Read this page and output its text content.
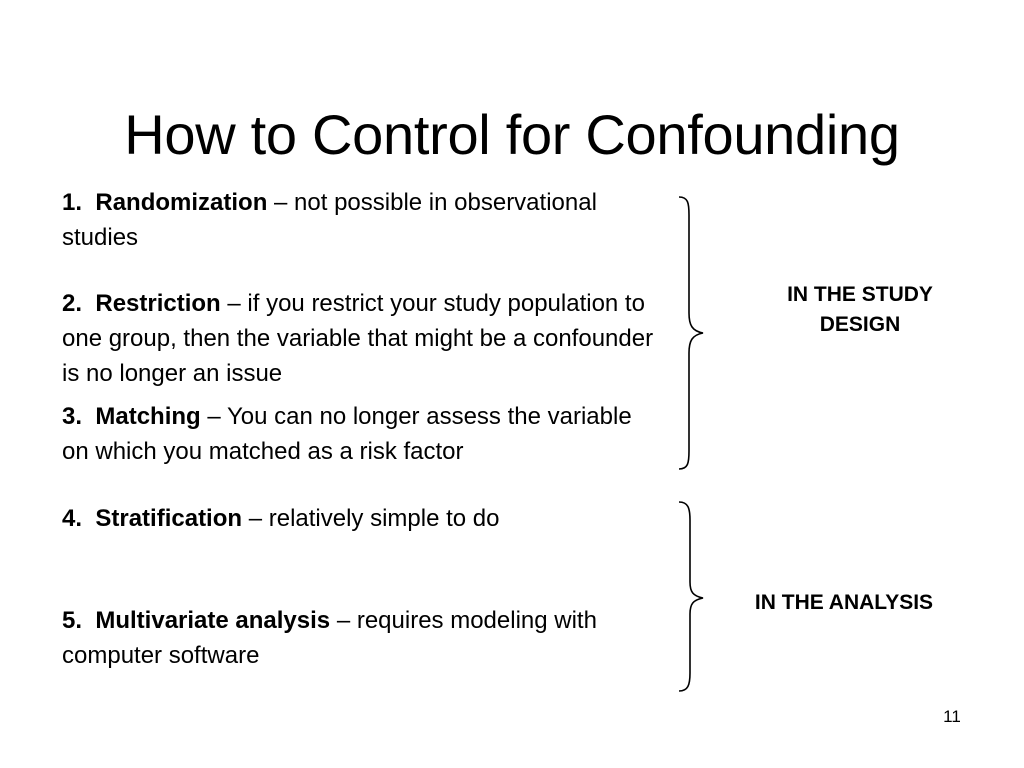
How to Control for Confounding
1. Randomization – not possible in observational studies
2. Restriction – if you restrict your study population to one group, then the variable that might be a confounder is no longer an issue
3. Matching – You can no longer assess the variable on which you matched as a risk factor
4. Stratification – relatively simple to do
5. Multivariate analysis – requires modeling with computer software
IN THE STUDY DESIGN
IN THE ANALYSIS
11
